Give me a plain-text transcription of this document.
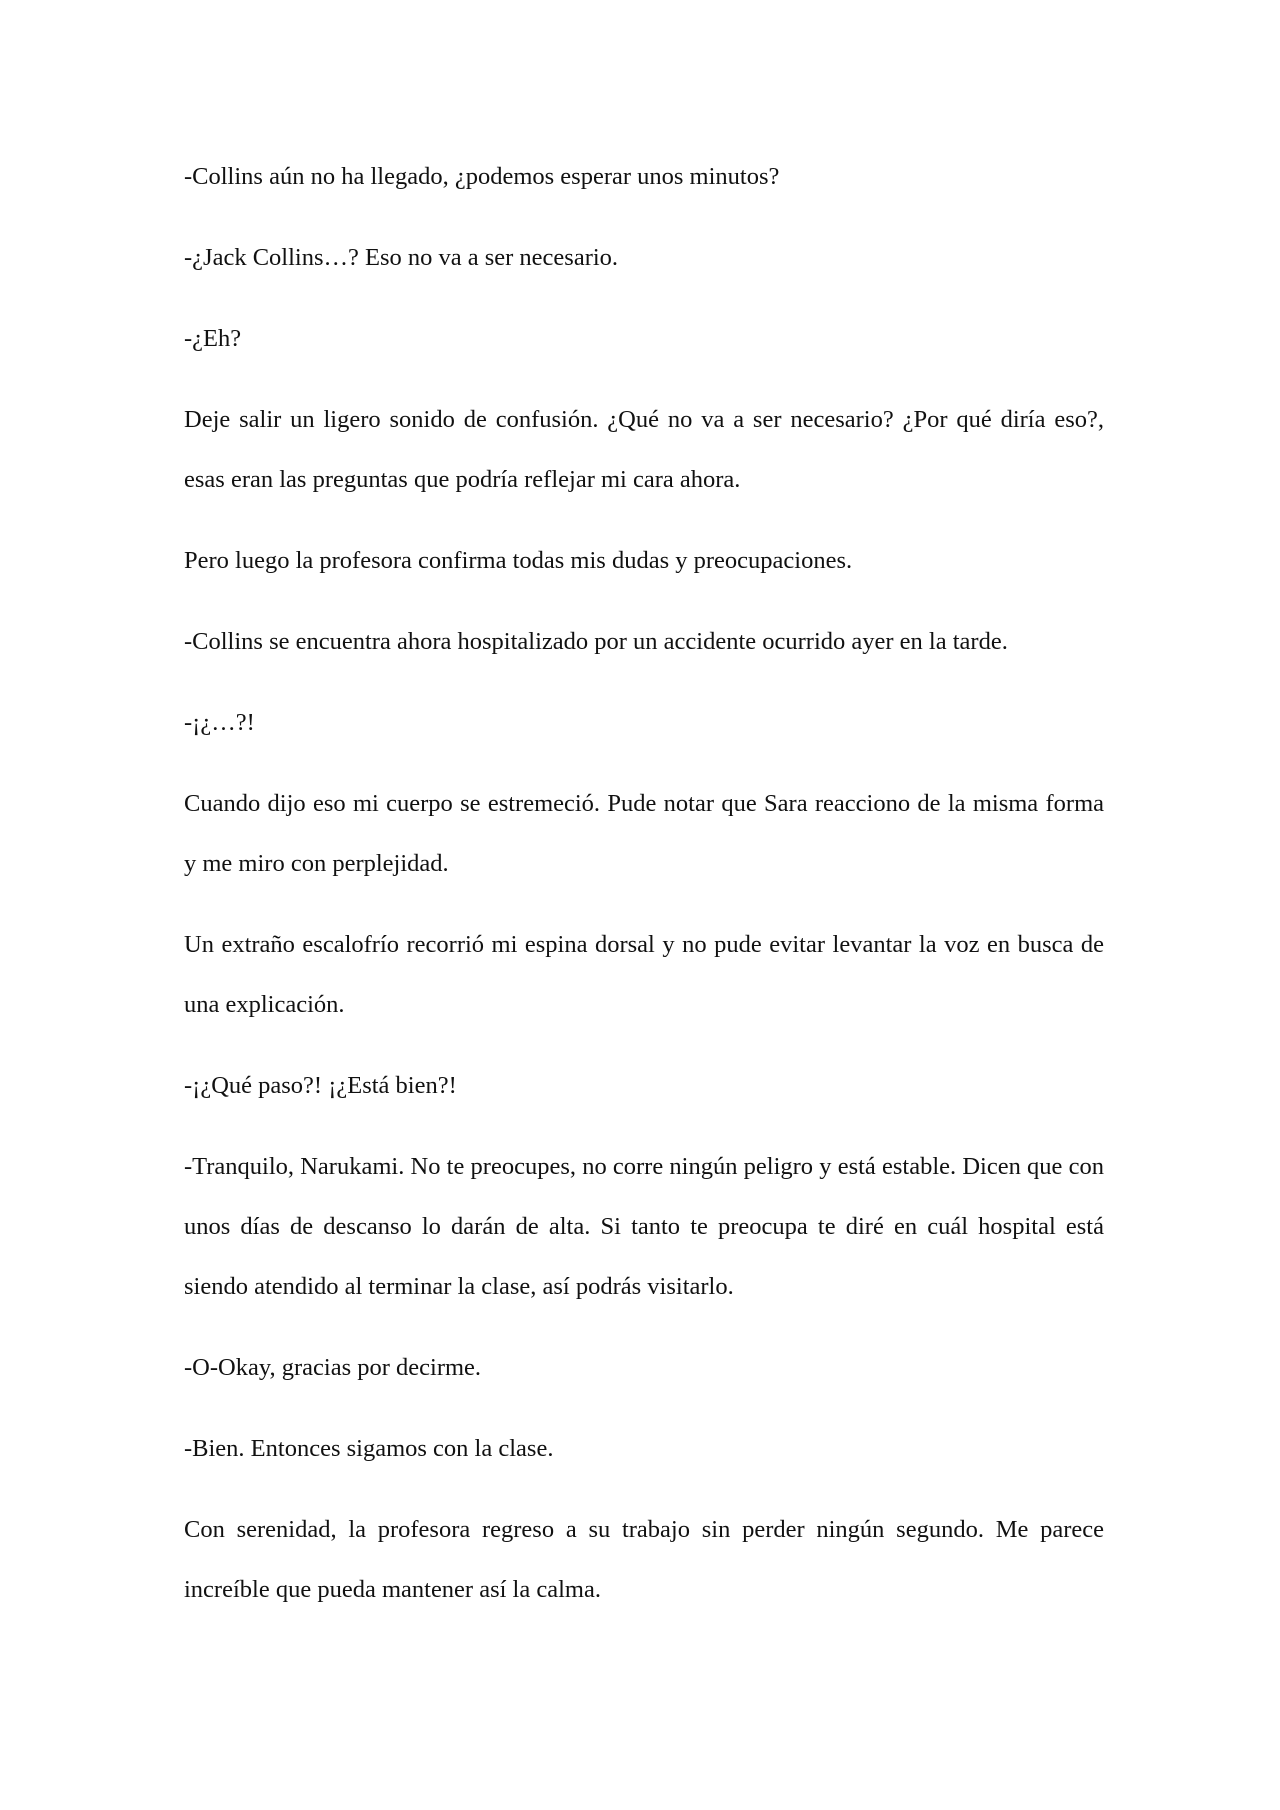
-Collins aún no ha llegado, ¿podemos esperar unos minutos?

-¿Jack Collins…? Eso no va a ser necesario.

-¿Eh?

Deje salir un ligero sonido de confusión. ¿Qué no va a ser necesario? ¿Por qué diría eso?, esas eran las preguntas que podría reflejar mi cara ahora.

Pero luego la profesora confirma todas mis dudas y preocupaciones.

-Collins se encuentra ahora hospitalizado por un accidente ocurrido ayer en la tarde.

-¡¿…?!

Cuando dijo eso mi cuerpo se estremeció. Pude notar que Sara reacciono de la misma forma y me miro con perplejidad.

Un extraño escalofrío recorrió mi espina dorsal y no pude evitar levantar la voz en busca de una explicación.

-¡¿Qué paso?! ¡¿Está bien?!

-Tranquilo, Narukami. No te preocupes, no corre ningún peligro y está estable. Dicen que con unos días de descanso lo darán de alta. Si tanto te preocupa te diré en cuál hospital está siendo atendido al terminar la clase, así podrás visitarlo.

-O-Okay, gracias por decirme.

-Bien. Entonces sigamos con la clase.

Con serenidad, la profesora regreso a su trabajo sin perder ningún segundo. Me parece increíble que pueda mantener así la calma.
